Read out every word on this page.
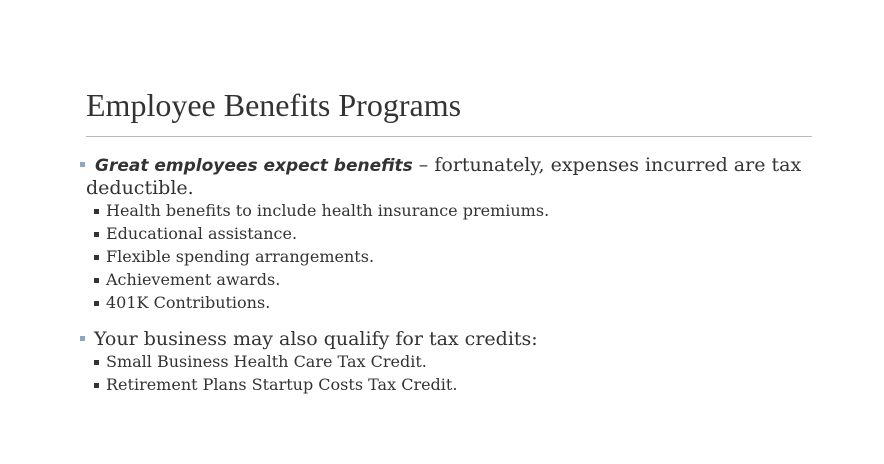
Employee Benefits Programs
Great employees expect benefits – fortunately, expenses incurred are tax
deductible.
Health benefits to include health insurance premiums.
Educational assistance.
Flexible spending arrangements.
Achievement awards.
401K Contributions.
Your business may also qualify for tax credits:
Small Business Health Care Tax Credit.
Retirement Plans Startup Costs Tax Credit.
